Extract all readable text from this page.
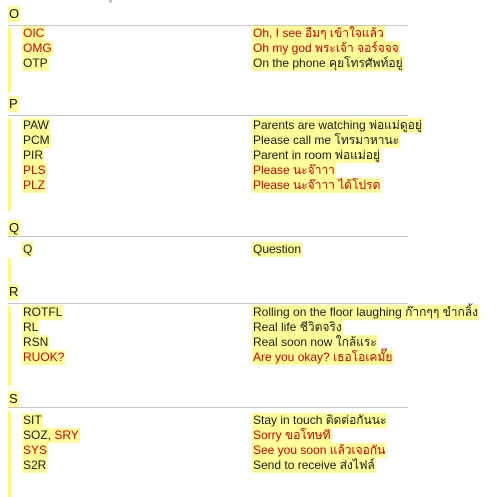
O
OIC	Oh, I see อืมๆ เข้าใจแล้ว
OMG	Oh my god พระเจ้า จอร์จจจ
OTP	On the phone คุยโทรศัพท์อยู่
P
PAW	Parents are watching พ่อแม่ดูอยู่
PCM	Please call me โทรมาหานะ
PIR	Parent in room พ่อแม่อยู่
PLS	Please นะจ๊าาา
PLZ	Please นะจ๊าาา ได้โปรด
Q
Q	Question
R
ROTFL	Rolling on the floor laughing ก๊ากๆๆ ขำกลิ้ง
RL	Real life ชีวิตจริง
RSN	Real soon now ใกล้แระ
RUOK?	Are you okay? เธอโอเคมั๊ย
S
SIT	Stay in touch ติดต่อกันนะ
SOZ, SRY	Sorry ขอโทษที
SYS	See you soon แล้วเจอกัน
S2R	Send to receive ส่งไฟล์
